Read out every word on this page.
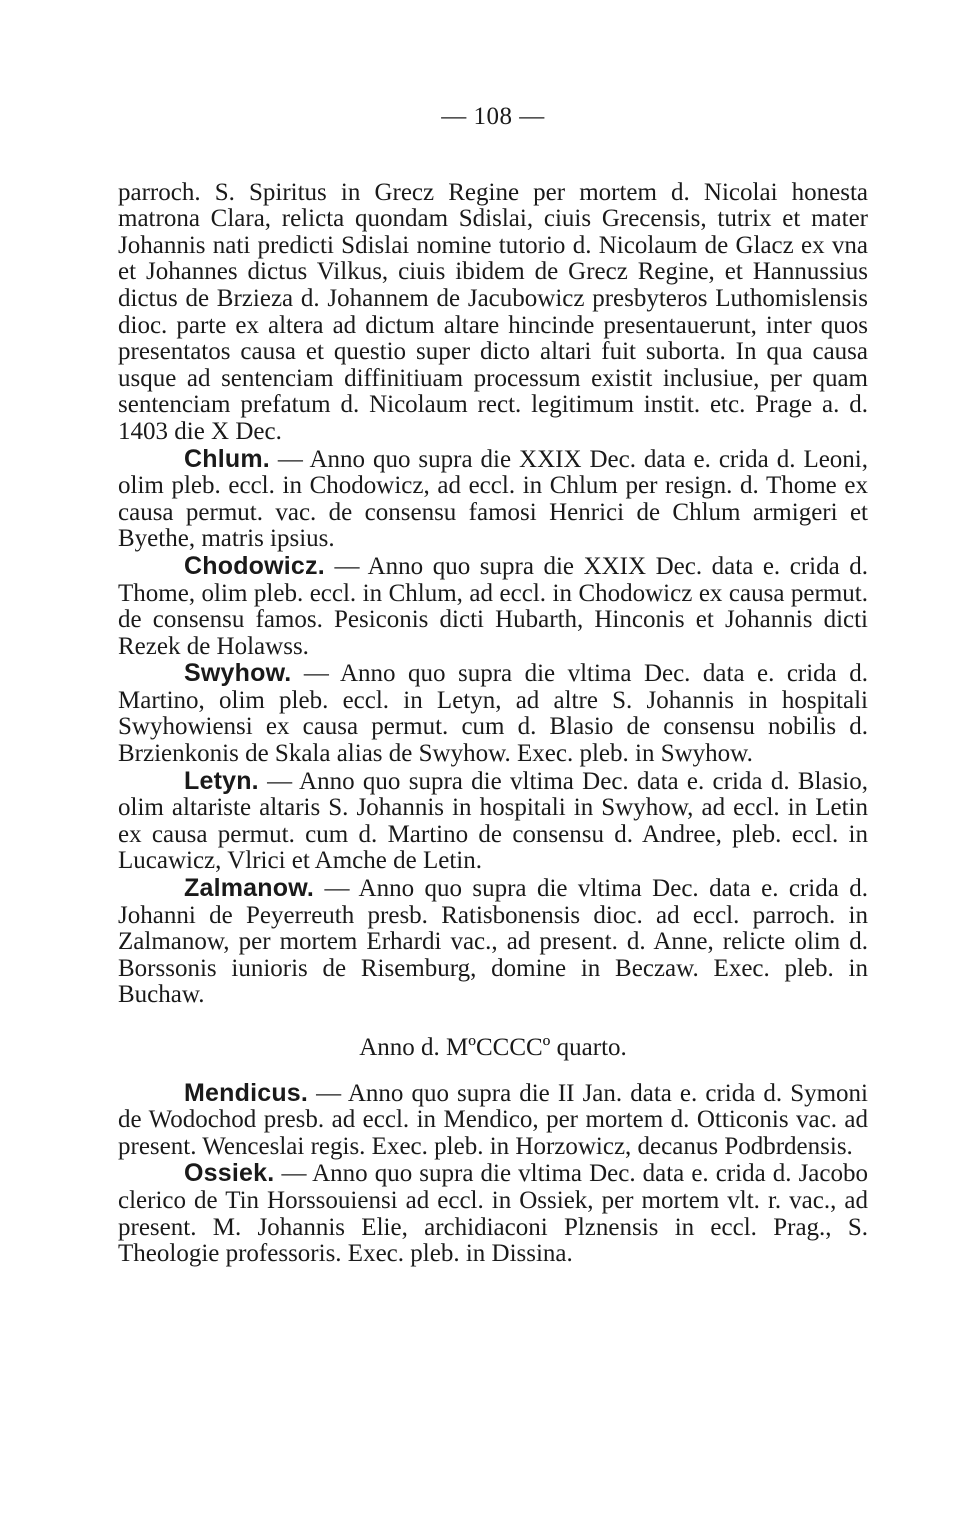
— 108 —

parroch. S. Spiritus in Grecz Regine per mortem d. Nicolai honesta matrona Clara, relicta quondam Sdislai, ciuis Grecensis, tutrix et mater Johannis nati predicti Sdislai nomine tutorio d. Nicolaum de Glacz ex vna et Johannes dictus Vilkus, ciuis ibidem de Grecz Regine, et Hannussius dictus de Brzieza d. Johannem de Jacubowicz presbyteros Luthomislensis dioc. parte ex altera ad dictum altare hincinde presentauerunt, inter quos presentatos causa et questio super dicto altari fuit suborta. In qua causa usque ad sentenciam diffinitiuam processum existit inclusiue, per quam sentenciam prefatum d. Nicolaum rect. legitimum instit. etc. Prage a. d. 1403 die X Dec.

Chlum. — Anno quo supra die XXIX Dec. data e. crida d. Leoni, olim pleb. eccl. in Chodowicz, ad eccl. in Chlum per resign. d. Thome ex causa permut. vac. de consensu famosi Henrici de Chlum armigeri et Byethe, matris ipsius.

Chodowicz. — Anno quo supra die XXIX Dec. data e. crida d. Thome, olim pleb. eccl. in Chlum, ad eccl. in Chodowicz ex causa permut. de consensu famos. Pesiconis dicti Hubarth, Hinconis et Johannis dicti Rezek de Holawss.

Swyhow. — Anno quo supra die vltima Dec. data e. crida d. Martino, olim pleb. eccl. in Letyn, ad altre S. Johannis in hospitali Swyhowiensi ex causa permut. cum d. Blasio de consensu nobilis d. Brzienkonis de Skala alias de Swyhow. Exec. pleb. in Swyhow.

Letyn. — Anno quo supra die vltima Dec. data e. crida d. Blasio, olim altariste altaris S. Johannis in hospitali in Swyhow, ad eccl. in Letin ex causa permut. cum d. Martino de consensu d. Andree, pleb. eccl. in Lucawicz, Vlrici et Amche de Letin.

Zalmanow. — Anno quo supra die vltima Dec. data e. crida d. Johanni de Peyerreuth presb. Ratisbonensis dioc. ad eccl. parroch. in Zalmanow, per mortem Erhardi vac., ad present. d. Anne, relicte olim d. Borssonis iunioris de Risemburg, domine in Beczaw. Exec. pleb. in Buchaw.

Anno d. MºCCCCº quarto.

Mendicus. — Anno quo supra die II Jan. data e. crida d. Symoni de Wodochod presb. ad eccl. in Mendico, per mortem d. Otticonis vac. ad present. Wenceslai regis. Exec. pleb. in Horzowicz, decanus Podbrdensis.

Ossiek. — Anno quo supra die vltima Dec. data e. crida d. Jacobo clerico de Tin Horssouiensi ad eccl. in Ossiek, per mortem vlt. r. vac., ad present. M. Johannis Elie, archidiaconi Plznensis in eccl. Prag., S. Theologie professoris. Exec. pleb. in Dissina.
